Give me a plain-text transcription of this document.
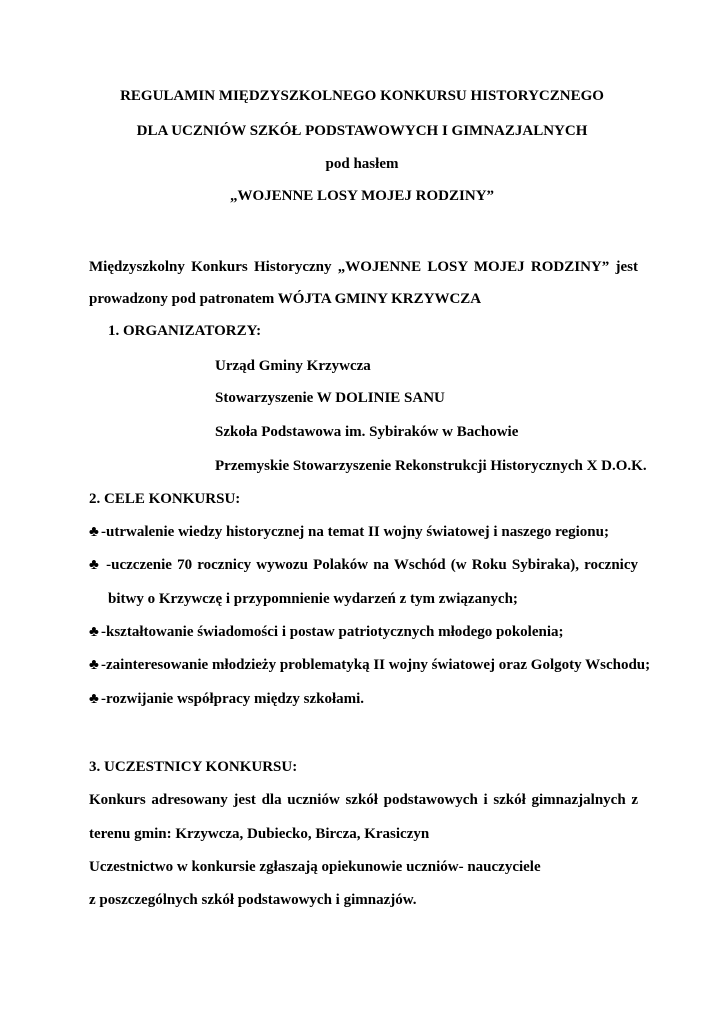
REGULAMIN MIĘDZYSZKOLNEGO KONKURSU HISTORYCZNEGO
DLA UCZNIÓW SZKÓŁ PODSTAWOWYCH I GIMNAZJALNYCH
pod hasłem
„WOJENNE LOSY MOJEJ RODZINY”
Międzyszkolny Konkurs Historyczny „WOJENNE LOSY MOJEJ RODZINY” jest
prowadzony pod patronatem WÓJTA GMINY KRZYWCZA
1. ORGANIZATORZY:
Urząd Gminy Krzywcza
Stowarzyszenie W DOLINIE SANU
Szkoła Podstawowa im. Sybiraków w Bachowie
Przemyskie Stowarzyszenie Rekonstrukcji Historycznych X D.O.K.
2. CELE KONKURSU:
♣ -utrwalenie wiedzy historycznej na temat II wojny światowej i naszego regionu;
♣ -uczczenie 70 rocznicy wywozu Polaków na Wschód (w Roku Sybiraka), rocznicy
bitwy o Krzywczę i przypomnienie wydarzeń z tym związanych;
♣ -kształtowanie świadomości i postaw patriotycznych młodego pokolenia;
♣ -zainteresowanie młodzieży problematyką II wojny światowej oraz Golgoty Wschodu;
♣ -rozwijanie współpracy między szkołami.
3. UCZESTNICY KONKURSU:
Konkurs adresowany jest dla uczniów szkół podstawowych i szkół gimnazjalnych z
terenu gmin: Krzywcza, Dubiecko, Bircza, Krasiczyn
Uczestnictwo w konkursie zgłaszają opiekunowie uczniów- nauczyciele
z poszczególnych szkół podstawowych i gimnazjów.
